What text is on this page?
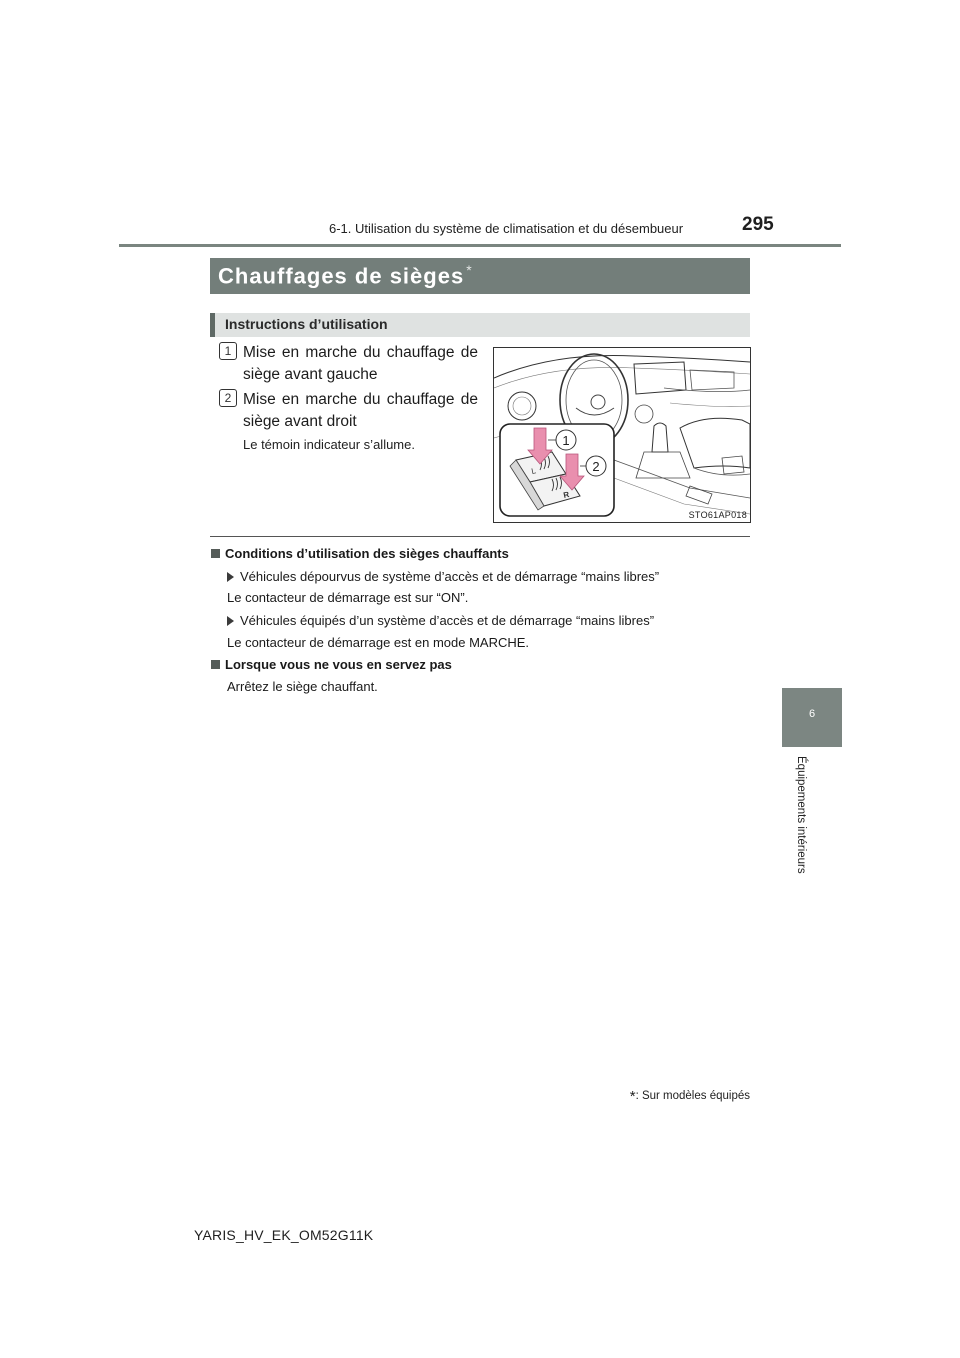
6-1. Utilisation du système de climatisation et du désembueur	295
6
Équipements intérieurs
Chauffages de sièges *
Instructions d’utilisation
1 Mise en marche du chauffage de siège avant gauche
2 Mise en marche du chauffage de siège avant droit
Le témoin indicateur s’allume.
L
R
1
2
STO61AP018
Conditions d’utilisation des sièges chauffants
Véhicules dépourvus de système d’accès et de démarrage “mains libres”
Le contacteur de démarrage est sur “ON”.
Véhicules équipés d’un système d’accès et de démarrage “mains libres”
Le contacteur de démarrage est en mode MARCHE.
Lorsque vous ne vous en servez pas
Arrêtez le siège chauffant.
*: Sur modèles équipés
YARIS_HV_EK_OM52G11K
